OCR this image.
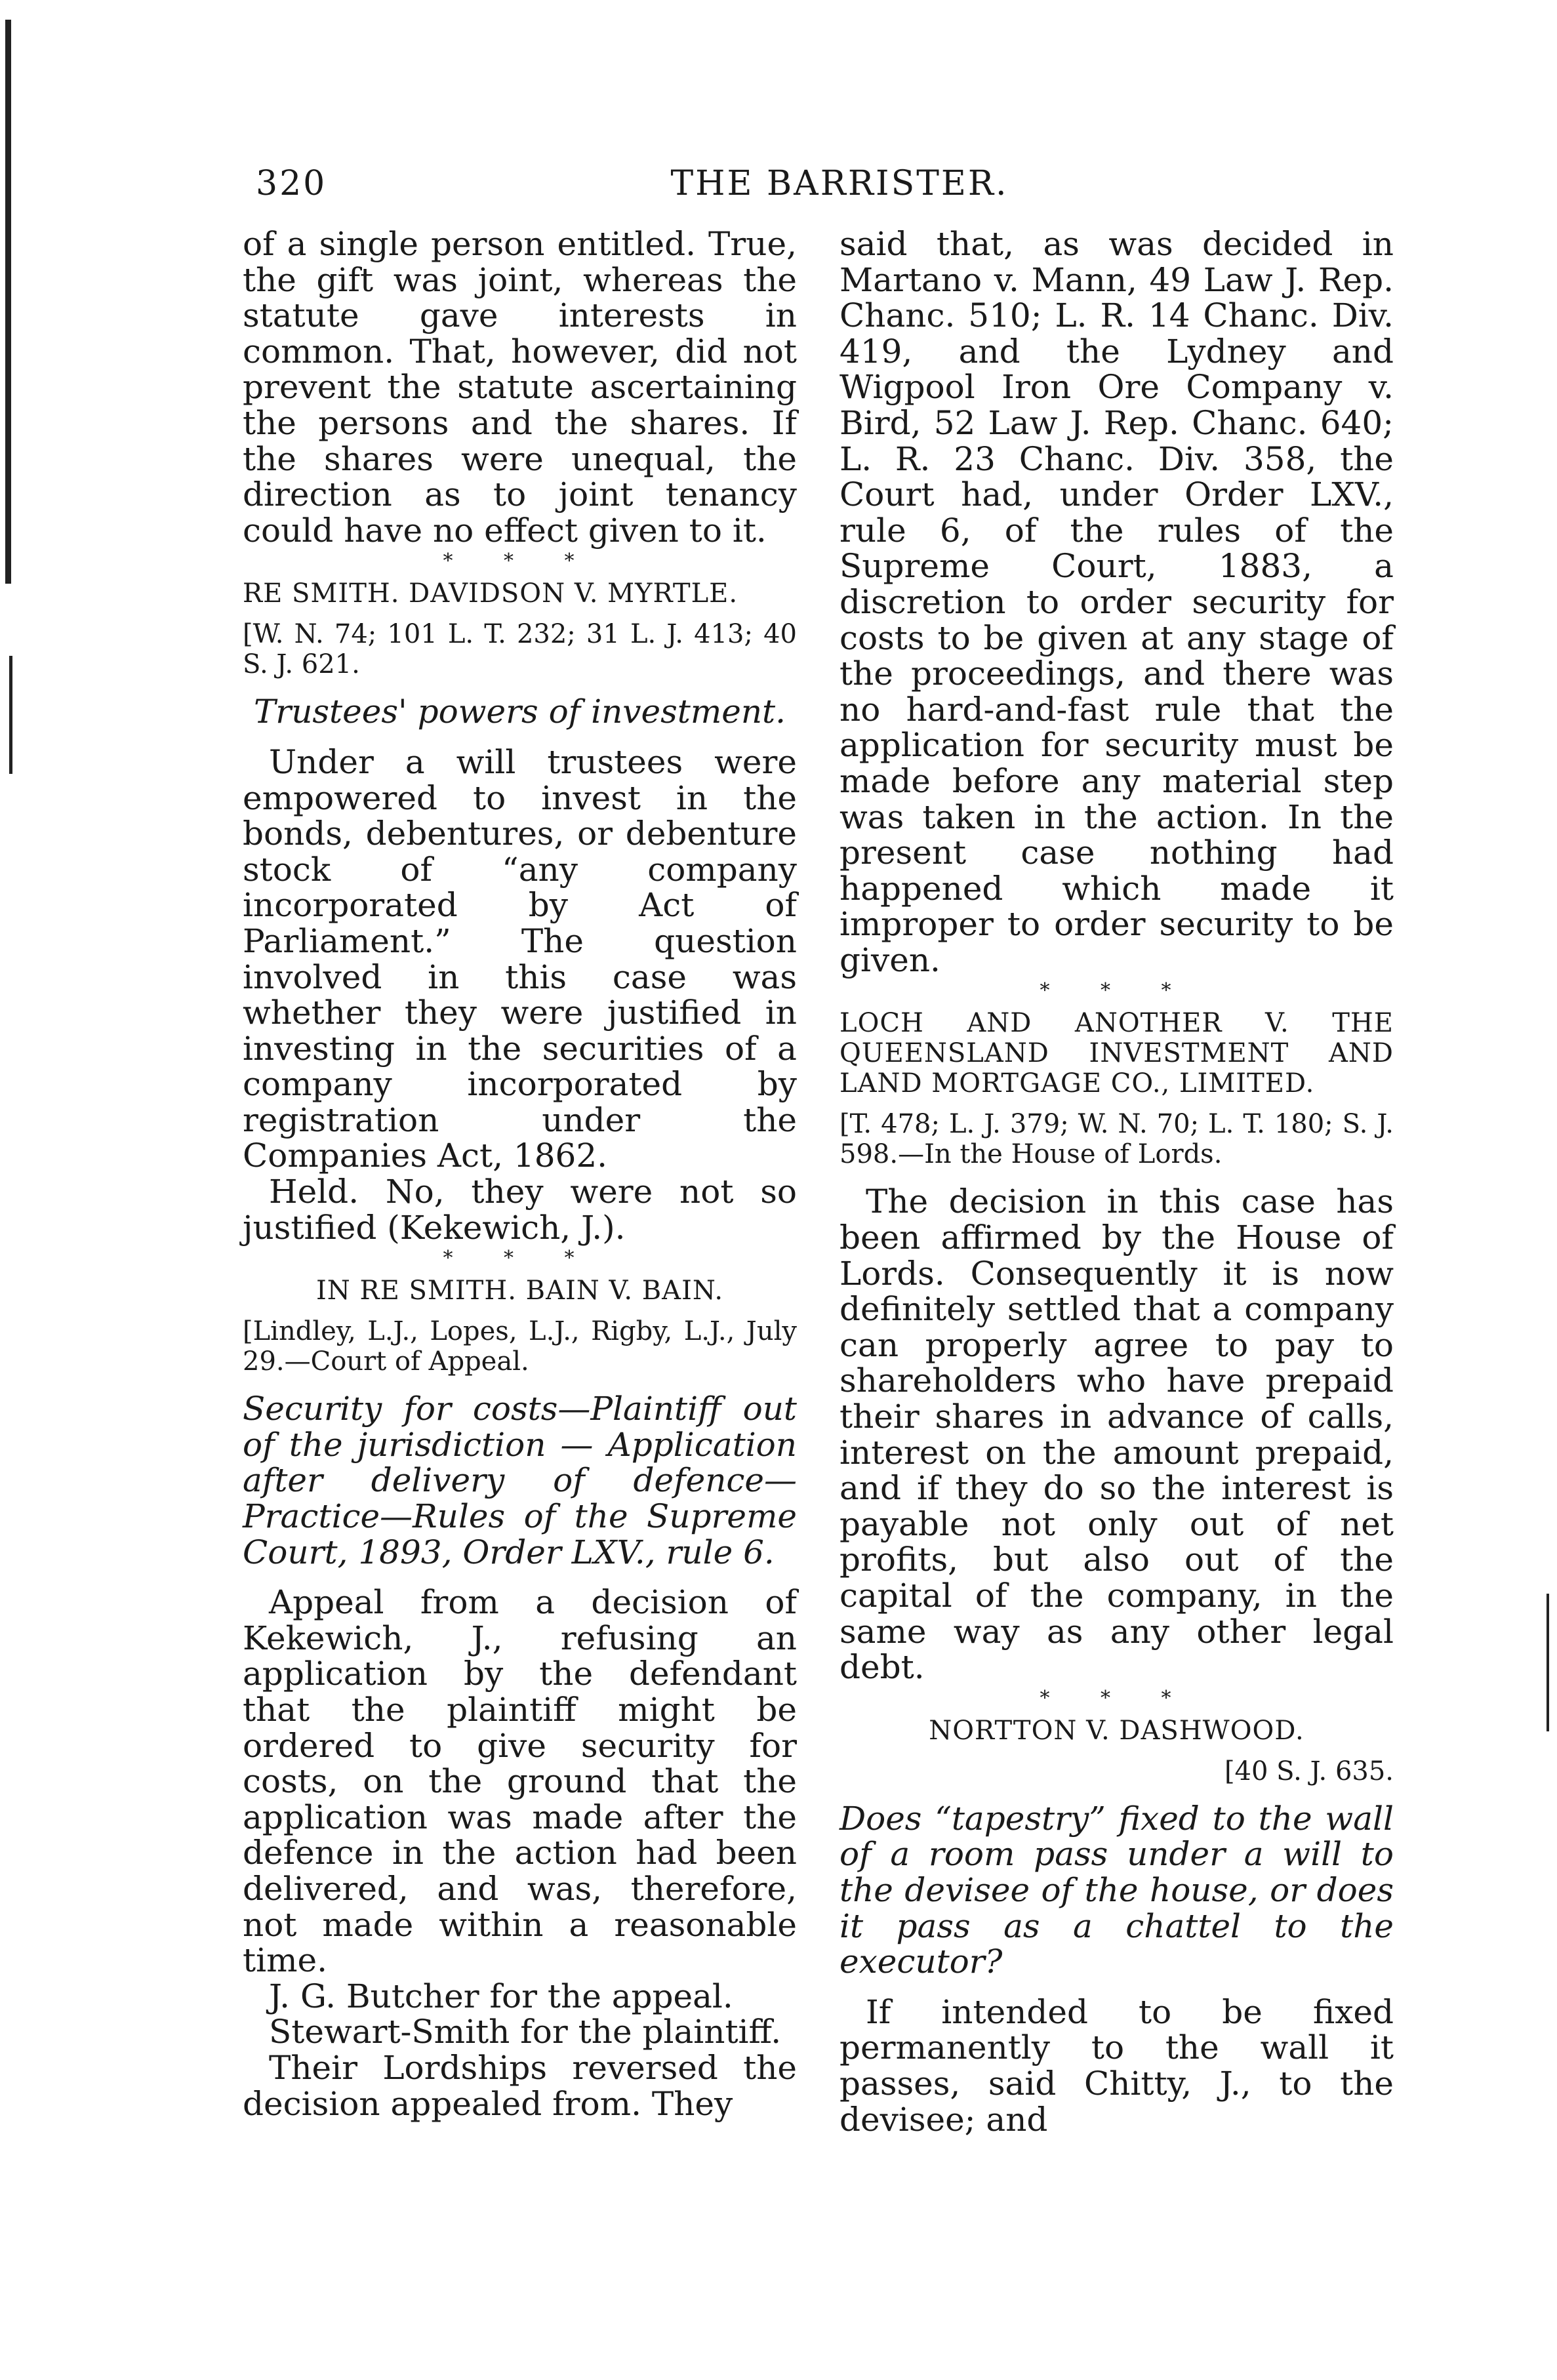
320	THE BARRISTER.

of a single person entitled. True, the gift was joint, whereas the statute gave interests in common. That, however, did not prevent the statute ascertaining the persons and the shares. If the shares were unequal, the direction as to joint tenancy could have no effect given to it.

* * *

RE SMITH. DAVIDSON V. MYRTLE.

[W. N. 74; 101 L. T. 232; 31 L. J. 413; 40 S. J. 621.

Trustees' powers of investment.

Under a will trustees were empowered to invest in the bonds, debentures, or debenture stock of “any company incorporated by Act of Parliament.” The question involved in this case was whether they were justified in investing in the securities of a company incorporated by registration under the Companies Act, 1862.

Held. No, they were not so justified (Kekewich, J.).

* * *

IN RE SMITH. BAIN V. BAIN.

[Lindley, L.J., Lopes, L.J., Rigby, L.J., July 29.—Court of Appeal.

Security for costs—Plaintiff out of the jurisdiction — Application after delivery of defence—Practice—Rules of the Supreme Court, 1893, Order LXV., rule 6.

Appeal from a decision of Kekewich, J., refusing an application by the defendant that the plaintiff might be ordered to give security for costs, on the ground that the application was made after the defence in the action had been delivered, and was, therefore, not made within a reasonable time.

J. G. Butcher for the appeal.

Stewart-Smith for the plaintiff.

Their Lordships reversed the decision appealed from. They

said that, as was decided in Martano v. Mann, 49 Law J. Rep. Chanc. 510; L. R. 14 Chanc. Div. 419, and the Lydney and Wigpool Iron Ore Company v. Bird, 52 Law J. Rep. Chanc. 640; L. R. 23 Chanc. Div. 358, the Court had, under Order LXV., rule 6, of the rules of the Supreme Court, 1883, a discretion to order security for costs to be given at any stage of the proceedings, and there was no hard-and-fast rule that the application for security must be made before any material step was taken in the action. In the present case nothing had happened which made it improper to order security to be given.

* * *

LOCH AND ANOTHER V. THE QUEENSLAND INVESTMENT AND LAND MORTGAGE CO., LIMITED.

[T. 478; L. J. 379; W. N. 70; L. T. 180; S. J. 598.—In the House of Lords.

The decision in this case has been affirmed by the House of Lords. Consequently it is now definitely settled that a company can properly agree to pay to shareholders who have prepaid their shares in advance of calls, interest on the amount prepaid, and if they do so the interest is payable not only out of net profits, but also out of the capital of the company, in the same way as any other legal debt.

* * *

NORTTON V. DASHWOOD.

[40 S. J. 635.

Does “tapestry” fixed to the wall of a room pass under a will to the devisee of the house, or does it pass as a chattel to the executor?

If intended to be fixed permanently to the wall it passes, said Chitty, J., to the devisee; and
